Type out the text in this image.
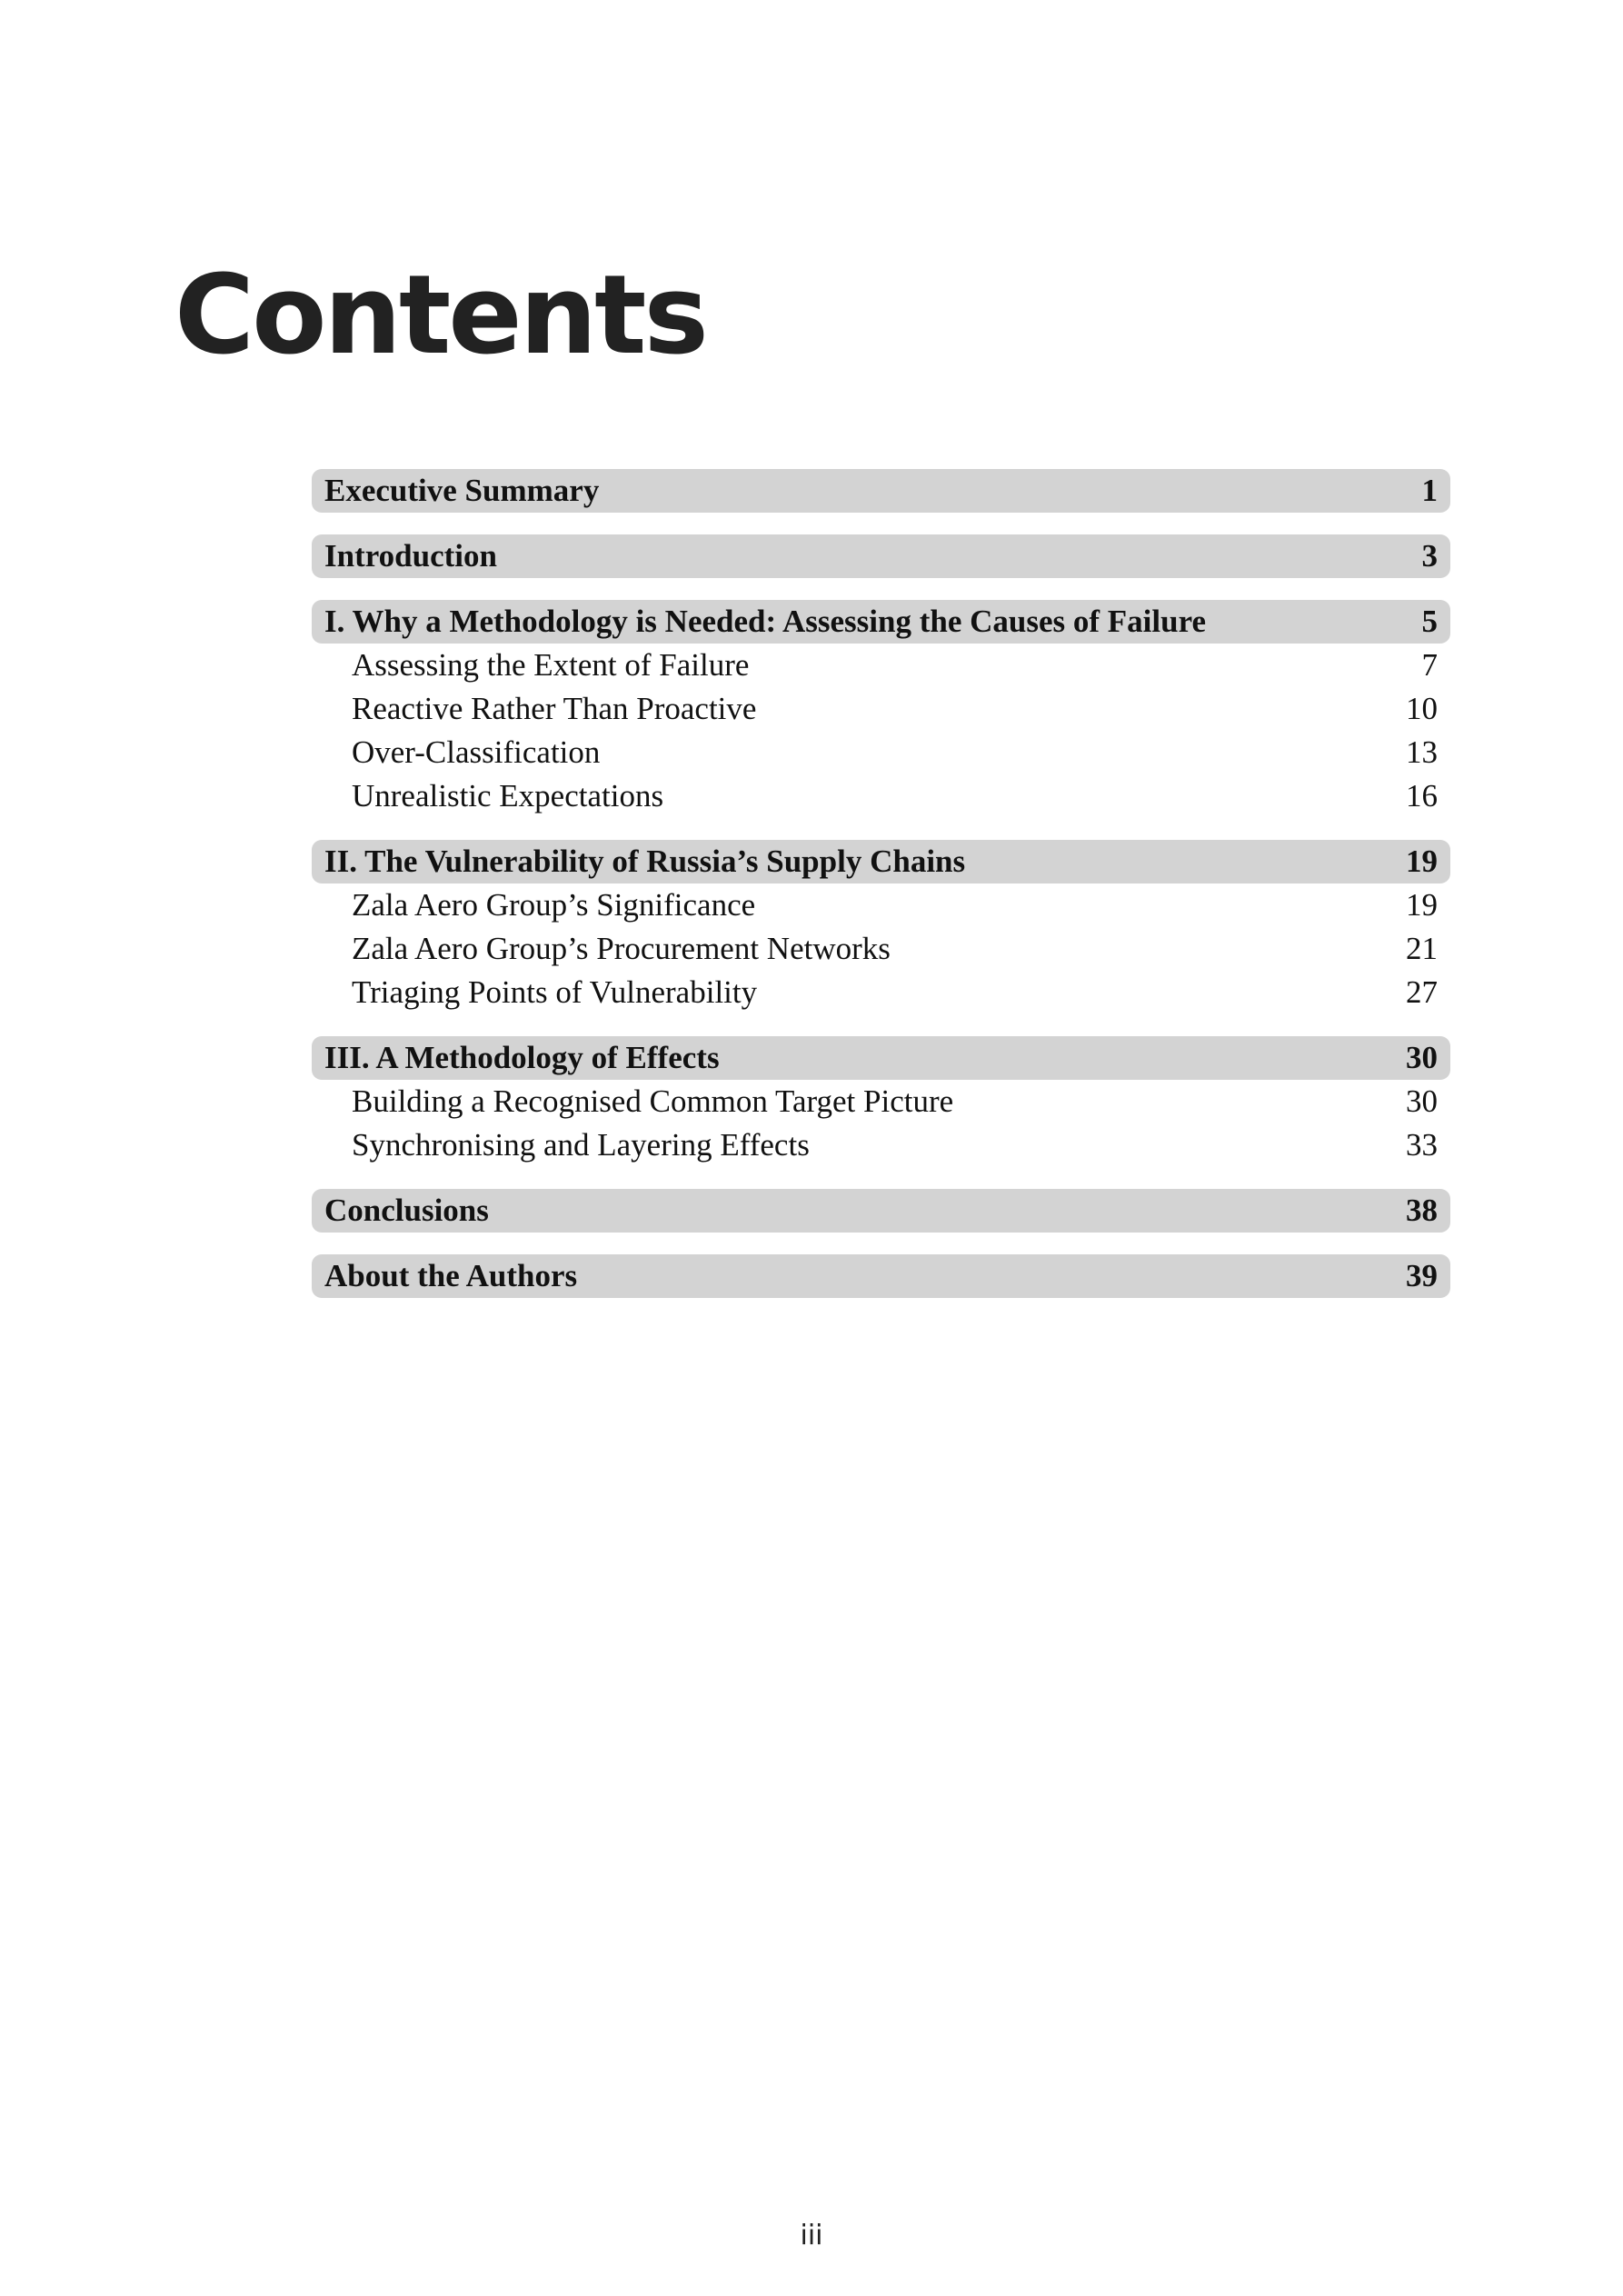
Contents
Executive Summary	1
Introduction	3
I. Why a Methodology is Needed: Assessing the Causes of Failure	5
Assessing the Extent of Failure	7
Reactive Rather Than Proactive	10
Over-Classification	13
Unrealistic Expectations	16
II. The Vulnerability of Russia’s Supply Chains	19
Zala Aero Group’s Significance	19
Zala Aero Group’s Procurement Networks	21
Triaging Points of Vulnerability	27
III. A Methodology of Effects	30
Building a Recognised Common Target Picture	30
Synchronising and Layering Effects	33
Conclusions	38
About the Authors	39
iii
